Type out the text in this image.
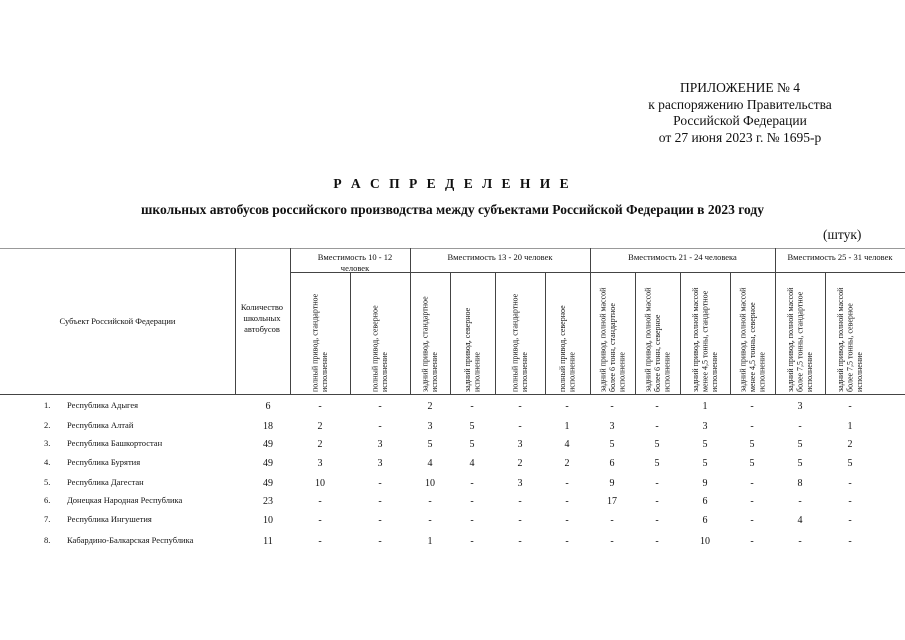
ПРИЛОЖЕНИЕ № 4
к распоряжению Правительства
Российской Федерации
от 27 июня 2023 г. № 1695-р
Р А С П Р Е Д Е Л Е Н И Е
школьных автобусов российского производства между субъектами Российской Федерации в 2023 году
(штук)
Субъект Российской Федерации
Количество школьных автобусов
Вместимость 10 - 12 человек
Вместимость 13 - 20 человек	Вместимость 21 - 24 человека	Вместимость 25 - 31 человек
полный привод, стандартное исполнение	полный привод, северное исполнение	задний привод, стандартное исполнение	задний привод, северное исполнение	полный привод, стандартное исполнение	полный привод, северное исполнение	задний привод, полной массой более 6 тонн, стандартное исполнение	задний привод, полной массой более 6 тонн, северное исполнение	задний привод, полной массой менее 4,5 тонны, стандартное исполнение	задний привод, полной массой менее 4,5 тонны, северное исполнение	задний привод, полной массой более 7,5 тонны, стандартное исполнение	задний привод, полной массой более 7,5 тонны, северное исполнение
1. Республика Адыгея	6	-	-	2	-	-	-	-	-	1	-	3	-
2. Республика Алтай	18	2	-	3	5	-	1	3	-	3	-	-	1
3. Республика Башкортостан	49	2	3	5	5	3	4	5	5	5	5	5	2
4. Республика Бурятия	49	3	3	4	4	2	2	6	5	5	5	5	5
5. Республика Дагестан	49	10	-	10	-	3	-	9	-	9	-	8	-
6. Донецкая Народная Республика	23	-	-	-	-	-	-	17	-	6	-	-	-
7. Республика Ингушетия	10	-	-	-	-	-	-	-	-	6	-	4	-
8. Кабардино-Балкарская Республика	11	-	-	1	-	-	-	-	-	10	-	-	-
